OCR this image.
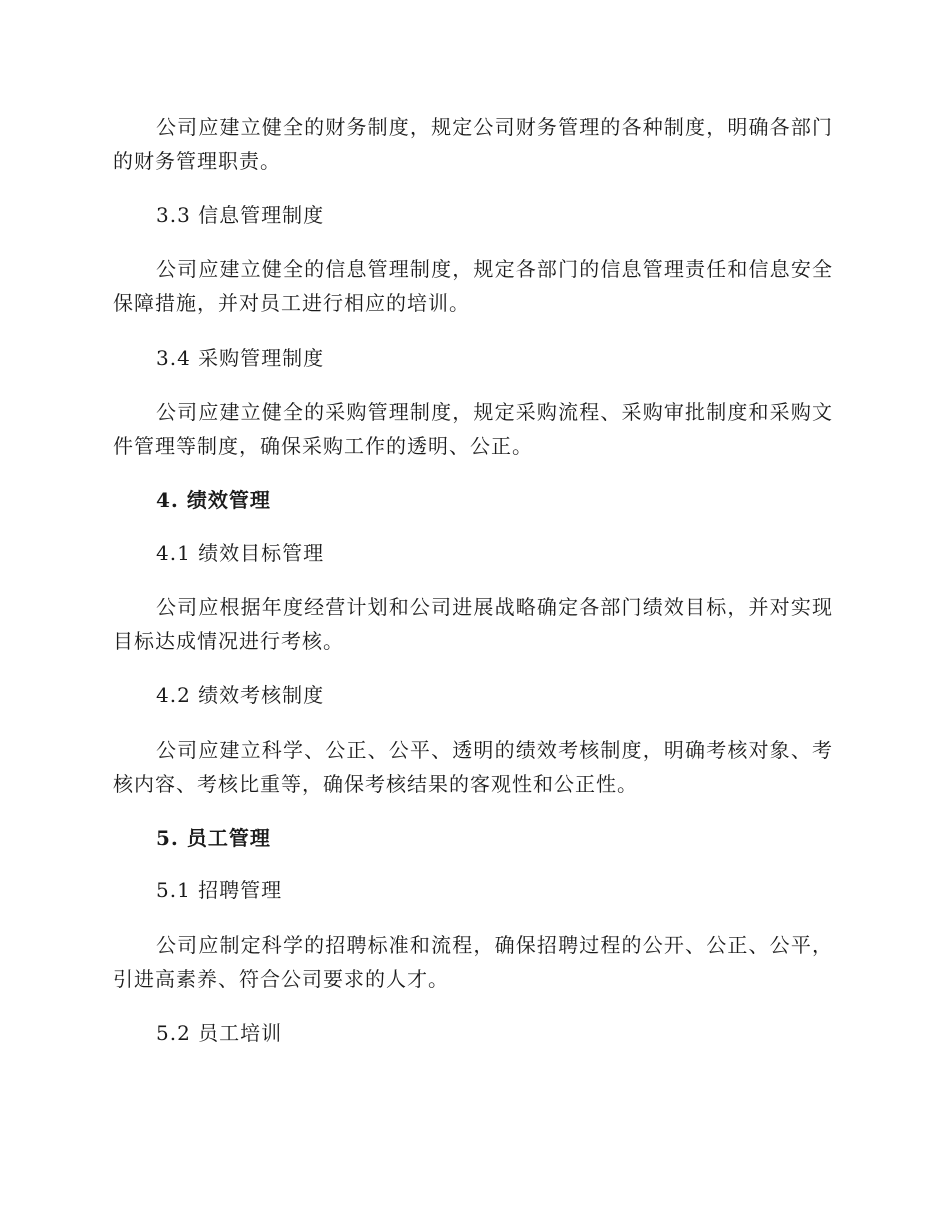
公司应建立健全的财务制度，规定公司财务管理的各种制度，明确各部门的财务管理职责。

3.3 信息管理制度

公司应建立健全的信息管理制度，规定各部门的信息管理责任和信息安全保障措施，并对员工进行相应的培训。

3.4 采购管理制度

公司应建立健全的采购管理制度，规定采购流程、采购审批制度和采购文件管理等制度，确保采购工作的透明、公正。

4. 绩效管理

4.1 绩效目标管理

公司应根据年度经营计划和公司进展战略确定各部门绩效目标，并对实现目标达成情况进行考核。

4.2 绩效考核制度

公司应建立科学、公正、公平、透明的绩效考核制度，明确考核对象、考核内容、考核比重等，确保考核结果的客观性和公正性。

5. 员工管理

5.1 招聘管理

公司应制定科学的招聘标准和流程，确保招聘过程的公开、公正、公平，引进高素养、符合公司要求的人才。

5.2 员工培训
